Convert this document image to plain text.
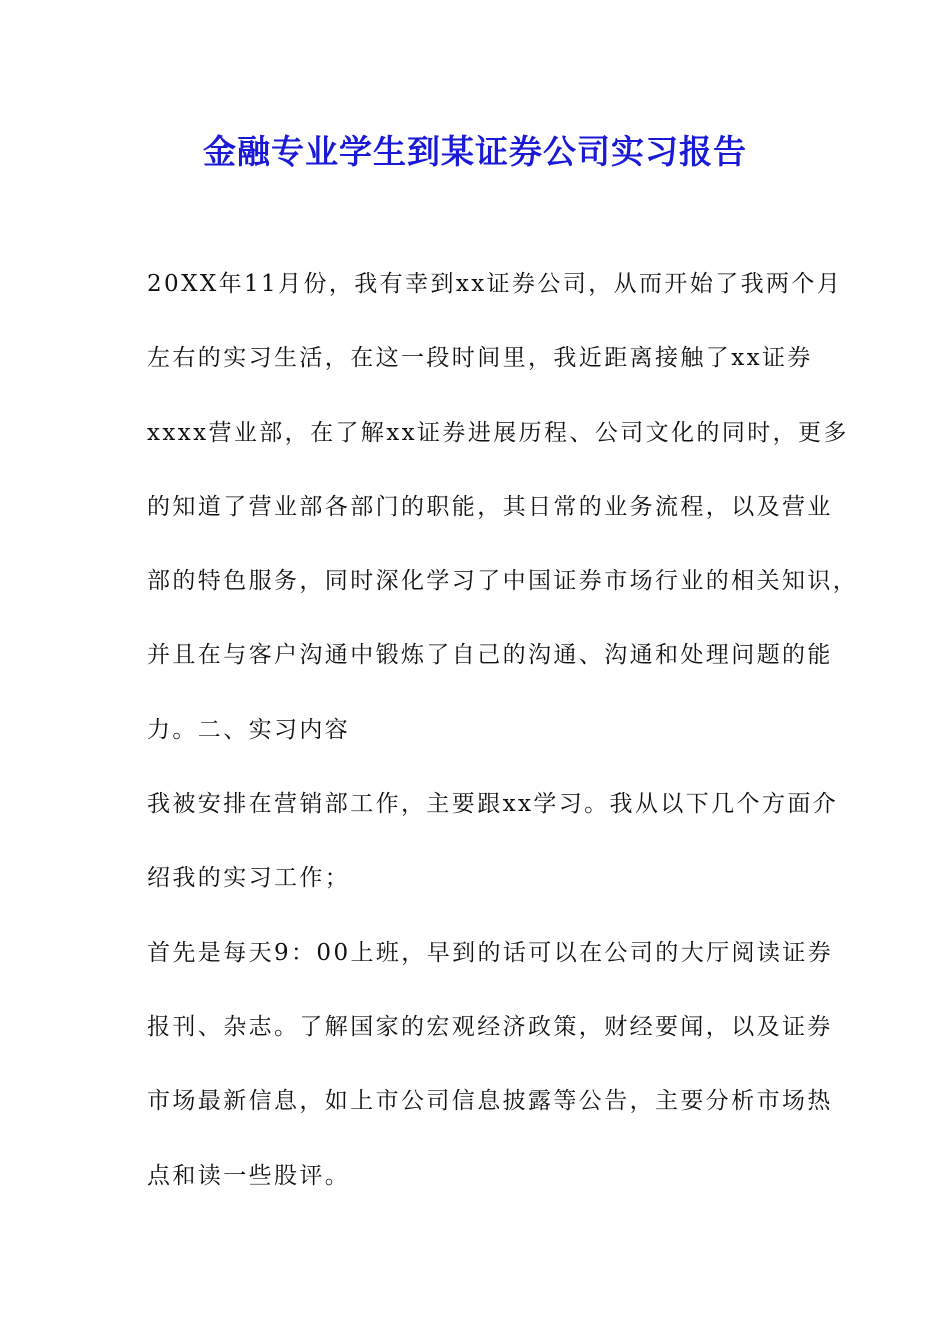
金融专业学生到某证券公司实习报告
20XX年11月份，我有幸到xx证券公司，从而开始了我两个月
左右的实习生活，在这一段时间里，我近距离接触了xx证券
xxxx营业部，在了解xx证券进展历程、公司文化的同时，更多
的知道了营业部各部门的职能，其日常的业务流程，以及营业
部的特色服务，同时深化学习了中国证券市场行业的相关知识，
并且在与客户沟通中锻炼了自己的沟通、沟通和处理问题的能
力。二、实习内容
我被安排在营销部工作，主要跟xx学习。我从以下几个方面介
绍我的实习工作；
首先是每天9：00上班，早到的话可以在公司的大厅阅读证券
报刊、杂志。了解国家的宏观经济政策，财经要闻，以及证券
市场最新信息，如上市公司信息披露等公告，主要分析市场热
点和读一些股评。
